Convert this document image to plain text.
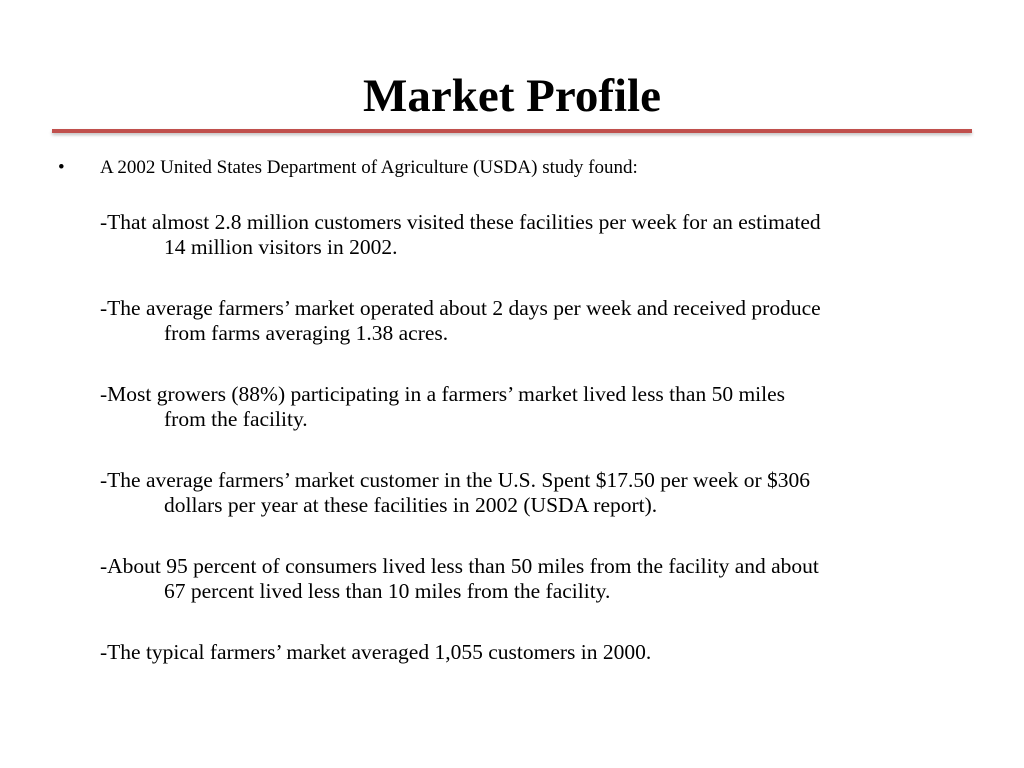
Market Profile
•	A 2002 United States Department of Agriculture (USDA) study found:

-That almost 2.8 million customers visited these facilities per week for an estimated
14 million visitors in 2002.

-The average farmers’ market operated about 2 days per week and received produce
from farms averaging 1.38 acres.

-Most growers (88%) participating in a farmers’ market lived less than 50 miles
from the facility.

-The average farmers’ market customer in the U.S. Spent $17.50 per week or $306
dollars per year at these facilities in 2002 (USDA report).

-About 95 percent of consumers lived less than 50 miles from the facility and about
67 percent lived less than 10 miles from the facility.

-The typical farmers’ market averaged 1,055 customers in 2000.
